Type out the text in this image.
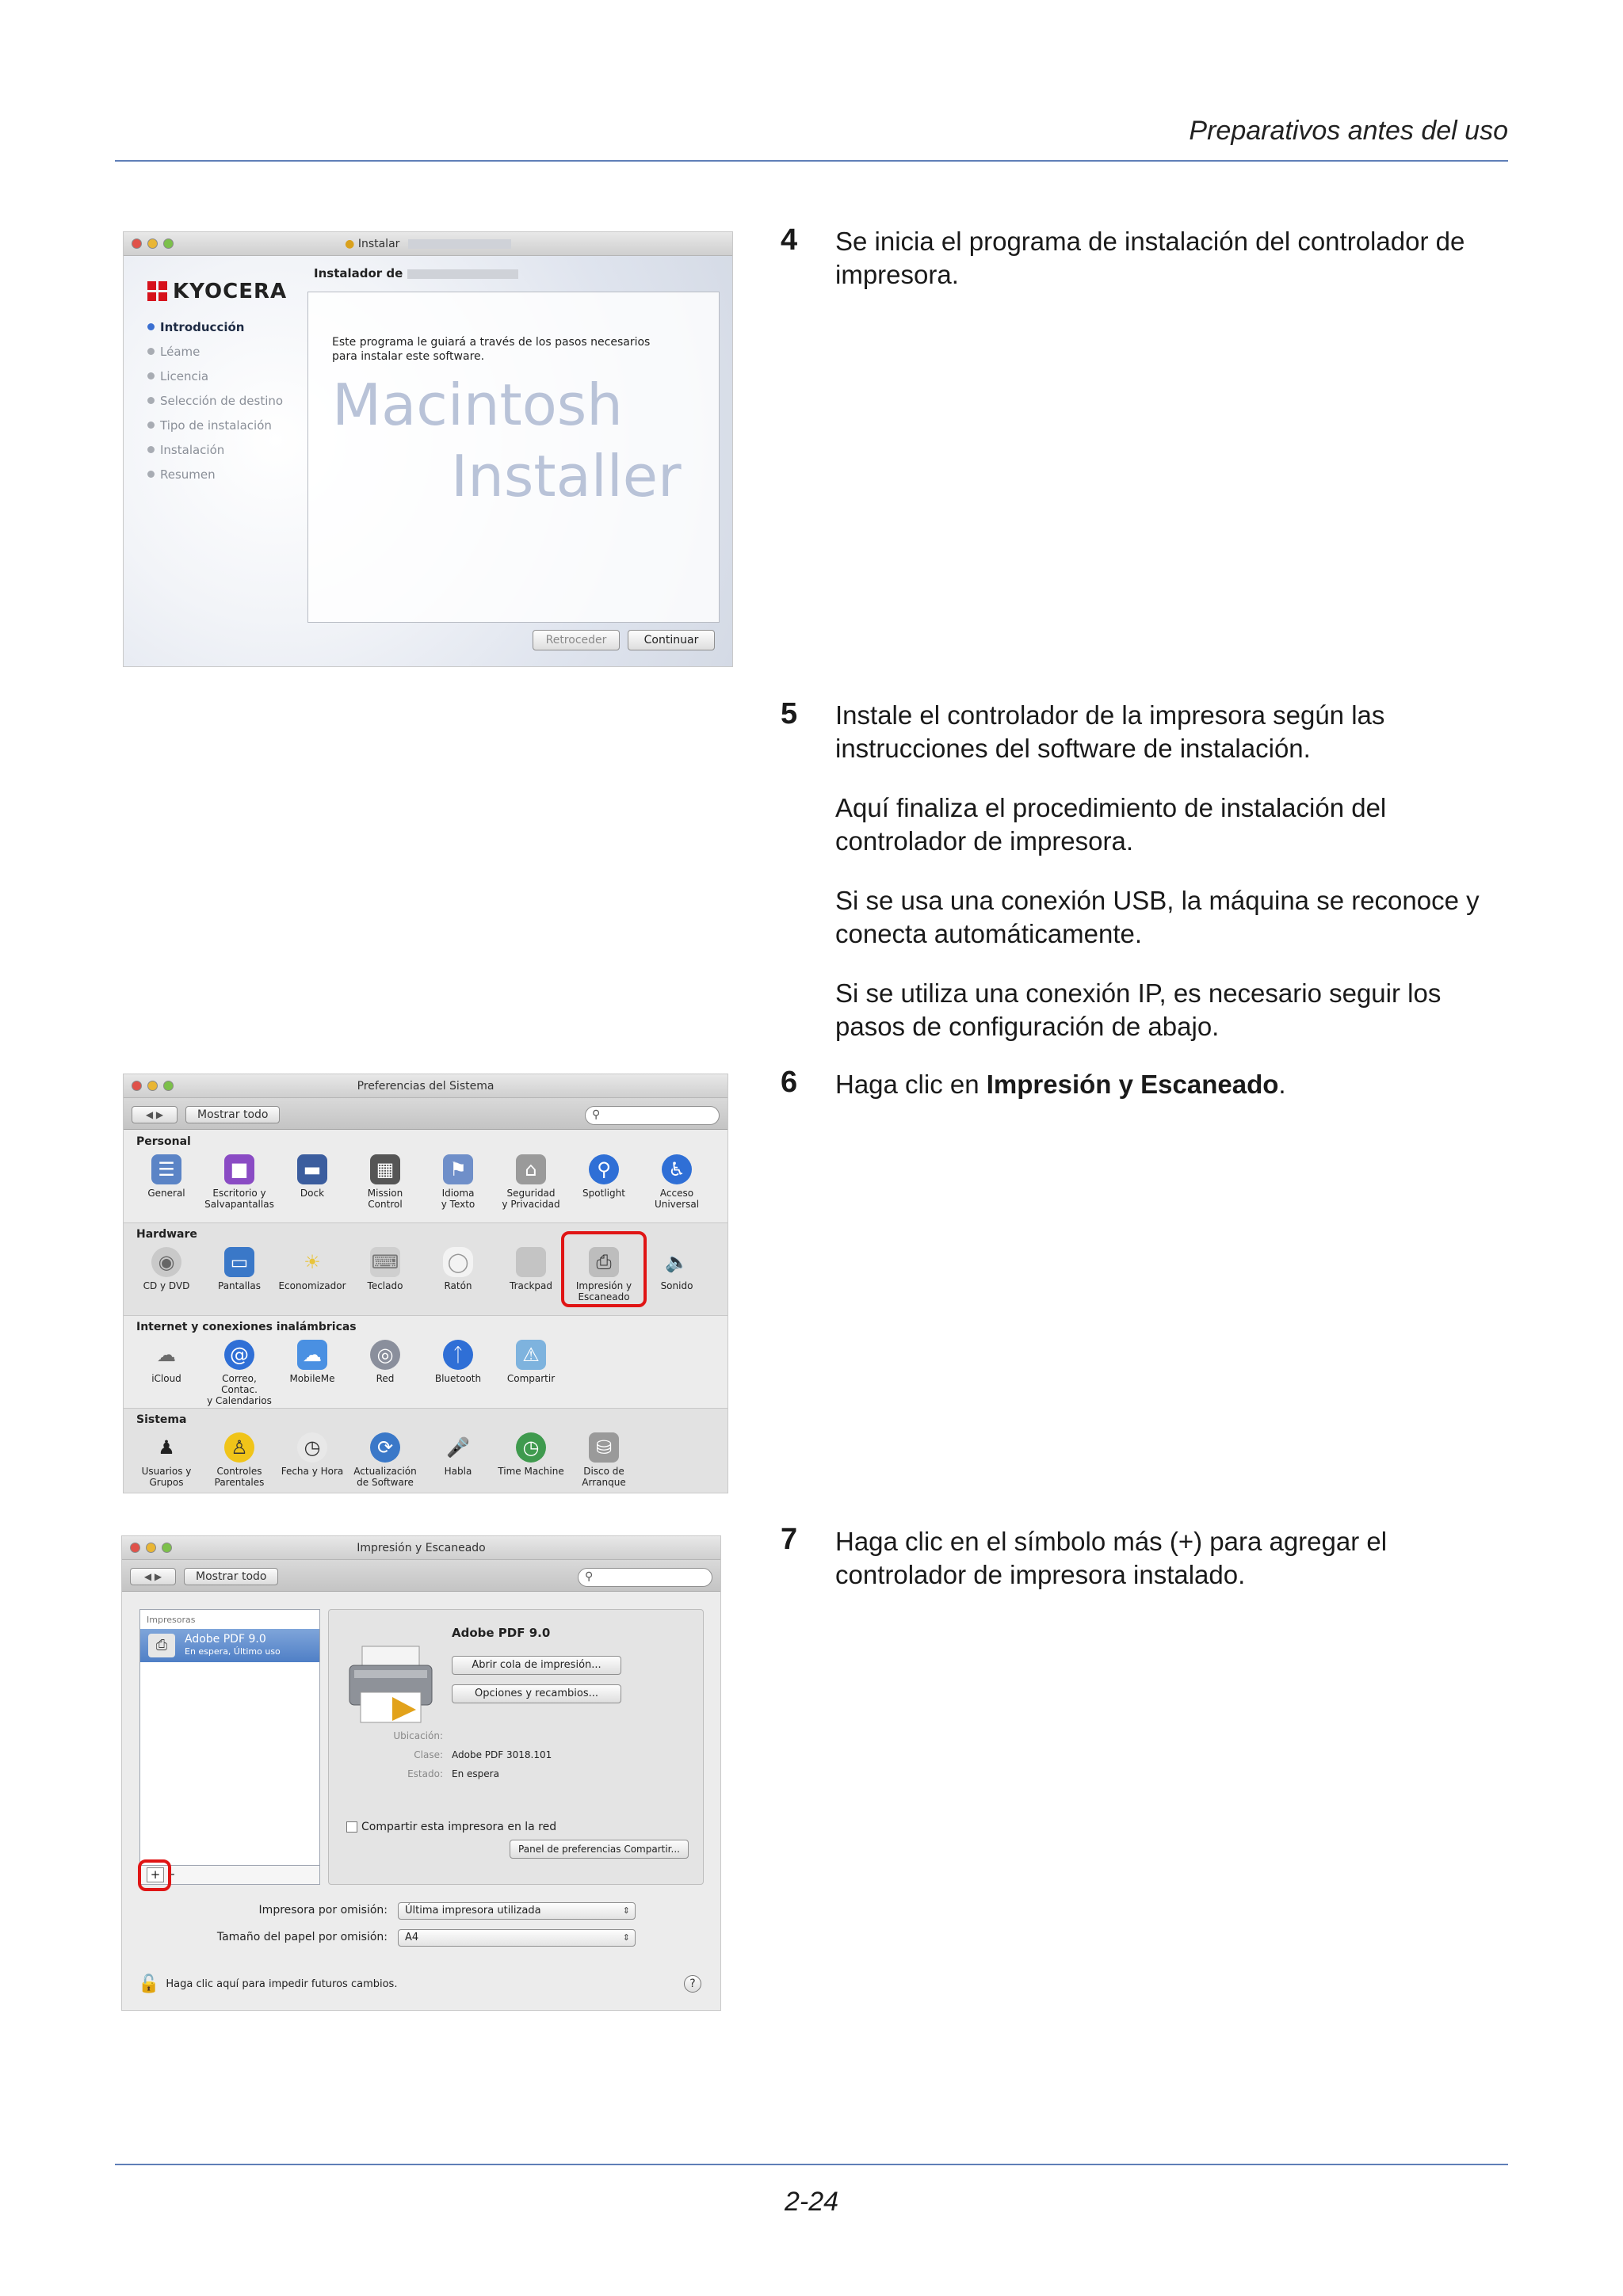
Preparativos antes del uso
● Instalar
KYOCERA
Introducción
Léame
Licencia
Selección de destino
Tipo de instalación
Instalación
Resumen
Instalador de
Este programa le guiará a través de los pasos necesarios para instalar este software.
Macintosh
Installer
Retroceder	Continuar
4 Se inicia el programa de instalación del controlador de impresora.

5 Instale el controlador de la impresora según las instrucciones del software de instalación.

Aquí finaliza el procedimiento de instalación del controlador de impresora.

Si se usa una conexión USB, la máquina se reconoce y conecta automáticamente.

Si se utiliza una conexión IP, es necesario seguir los pasos de configuración de abajo.

Preferencias del Sistema
◀ ▶	Mostrar todo	⚲
Personal
☰
General
■
Escritorio y
Salvapantallas
▬
Dock
▦
Mission
Control
⚑
Idioma
y Texto
⌂
Seguridad
y Privacidad
⚲
Spotlight
♿
Acceso
Universal
Hardware
◉
CD y DVD
▭
Pantallas
☀
Economizador
⌨
Teclado
◯
Ratón
■
Trackpad
⎙
Impresión y
Escaneado
🔈
Sonido
Internet y conexiones inalámbricas
☁
iCloud
@
Correo, Contac.
y Calendarios
☁
MobileMe
◎
Red
ᛏ
Bluetooth
⚠
Compartir
Sistema
♟
Usuarios y
Grupos
♙
Controles
Parentales
◷
Fecha y Hora
⟳
Actualización
de Software
🎤
Habla
◷
Time Machine
⛁
Disco de
Arranque
6 Haga clic en Impresión y Escaneado.

Impresión y Escaneado
◀ ▶	Mostrar todo	⚲
Impresoras
⎙	Adobe PDF 9.0
En espera, Último uso
+ -
Adobe PDF 9.0
Abrir cola de impresión...
Opciones y recambios...
Ubicación:
Clase: Adobe PDF 3018.101
Estado: En espera
Compartir esta impresora en la red
Panel de preferencias Compartir...
Impresora por omisión:	Última impresora utilizada	⇕
Tamaño del papel por omisión:	A4	⇕
🔓 Haga clic aquí para impedir futuros cambios.	?
7 Haga clic en el símbolo más (+) para agregar el controlador de impresora instalado.

2-24
